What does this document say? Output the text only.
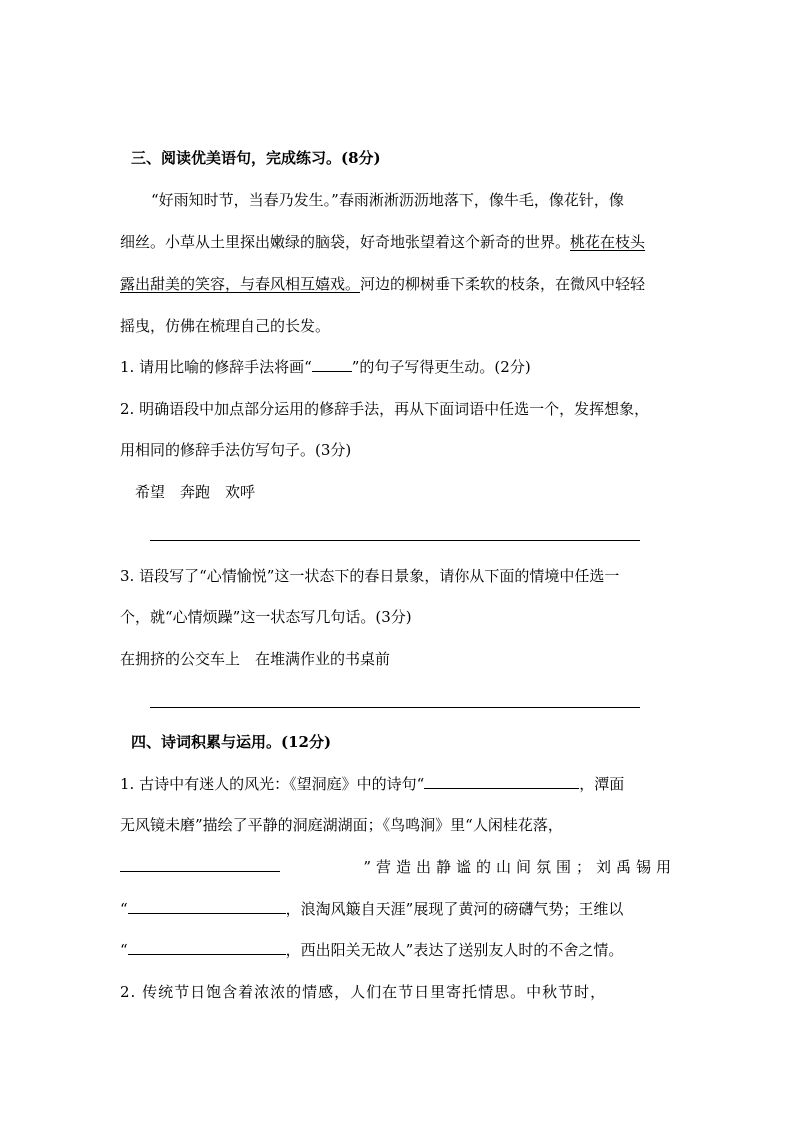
三、阅读优美语句，完成练习。(8分)
“好雨知时节，当春乃发生。”春雨淅淅沥沥地落下，像牛毛，像花针，像
细丝。小草从土里探出嫩绿的脑袋，好奇地张望着这个新奇的世界。桃花在枝头
露出甜美的笑容，与春风相互嬉戏。河边的柳树垂下柔软的枝条，在微风中轻轻
摇曳，仿佛在梳理自己的长发。
1. 请用比喻的修辞手法将画“	”的句子写得更生动。(2分)
2. 明确语段中加点部分运用的修辞手法，再从下面词语中任选一个，发挥想象，
用相同的修辞手法仿写句子。(3分)
希望　奔跑　欢呼
3. 语段写了“心情愉悦”这一状态下的春日景象，请你从下面的情境中任选一
个，就“心情烦躁”这一状态写几句话。(3分)
在拥挤的公交车上　在堆满作业的书桌前
四、诗词积累与运用。(12分)
1. 古诗中有迷人的风光：《望洞庭》中的诗句“	，潭面
无风镜未磨”描绘了平静的洞庭湖湖面；《鸟鸣涧》里“人闲桂花落，
”营造出静谧的山间氛围；刘禹锡用
“	，浪淘风簸自天涯”展现了黄河的磅礴气势；王维以
“	，西出阳关无故人”表达了送别友人时的不舍之情。
2. 传统节日饱含着浓浓的情感，人们在节日里寄托情思。中秋节时，
